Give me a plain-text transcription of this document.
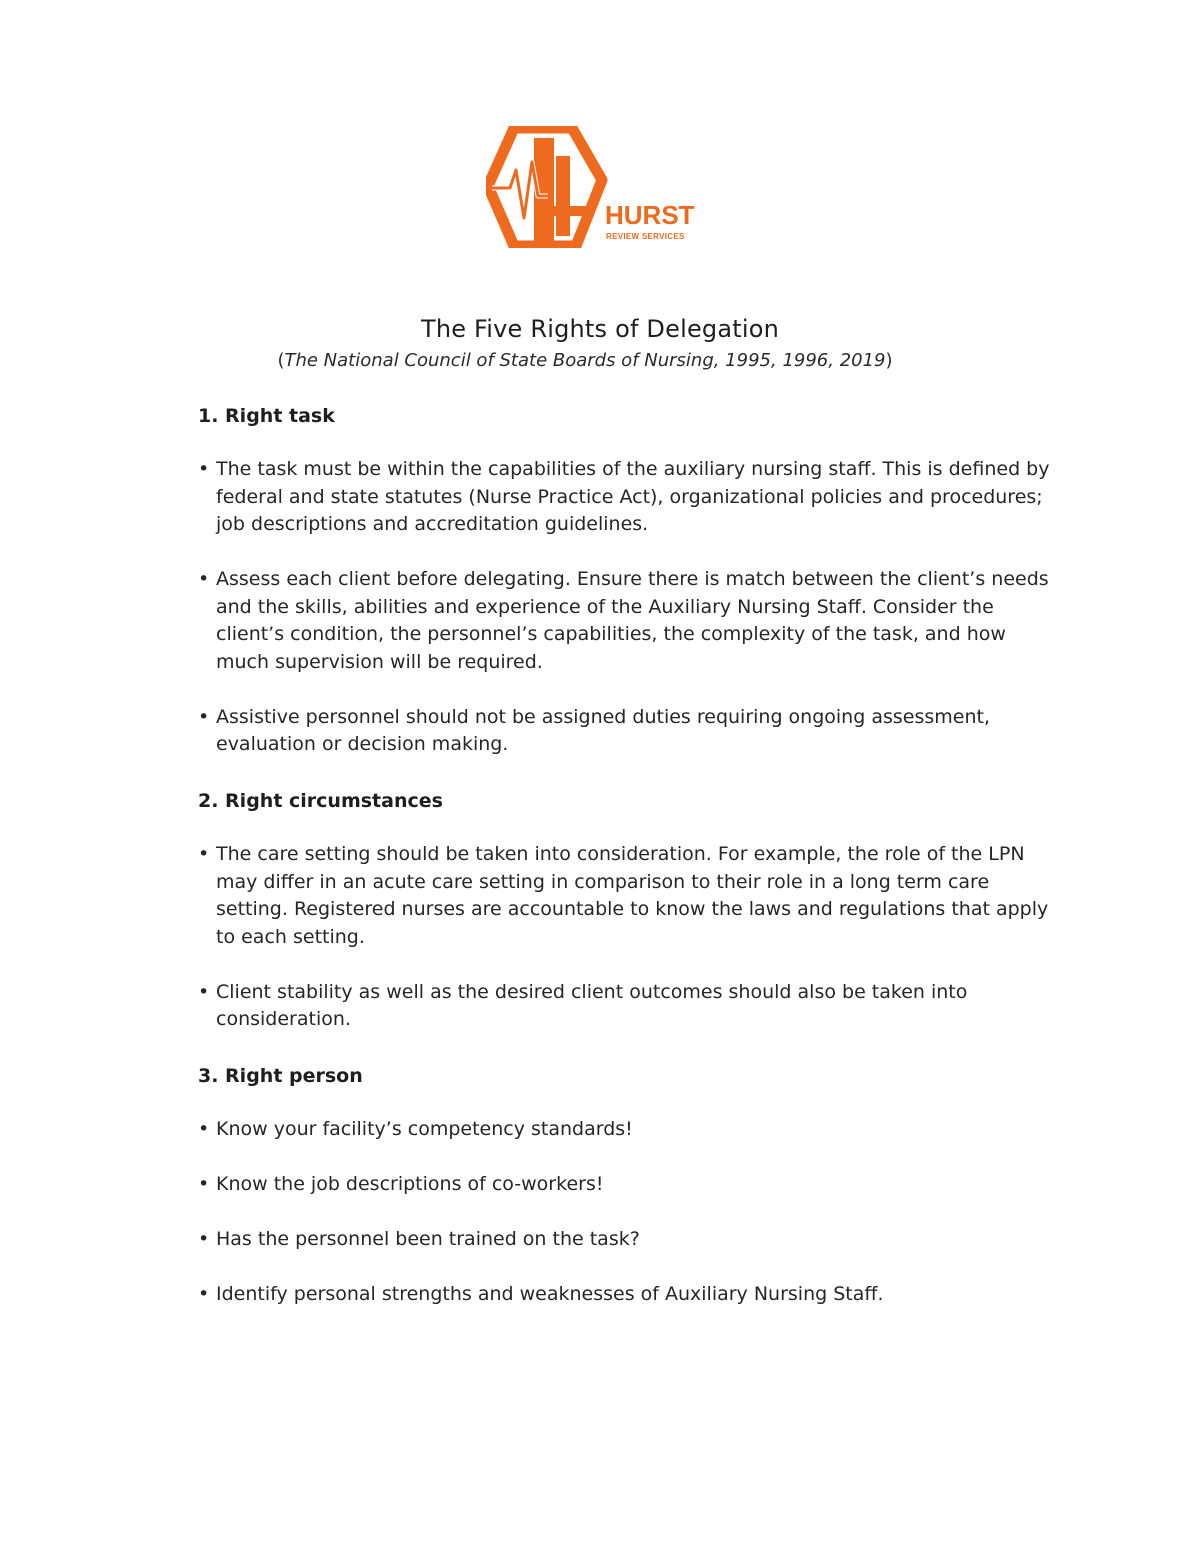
HURST
REVIEW SERVICES
The Five Rights of Delegation

(The National Council of State Boards of Nursing, 1995, 1996, 2019)

1. Right task
• The task must be within the capabilities of the auxiliary nursing staff. This is defined by federal and state statutes (Nurse Practice Act), organizational policies and procedures; job descriptions and accreditation guidelines.
• Assess each client before delegating. Ensure there is match between the client’s needs and the skills, abilities and experience of the Auxiliary Nursing Staff. Consider the client’s condition, the personnel’s capabilities, the complexity of the task, and how much supervision will be required.
• Assistive personnel should not be assigned duties requiring ongoing assessment, evaluation or decision making.
2. Right circumstances
• The care setting should be taken into consideration. For example, the role of the LPN may differ in an acute care setting in comparison to their role in a long term care setting. Registered nurses are accountable to know the laws and regulations that apply to each setting.
• Client stability as well as the desired client outcomes should also be taken into consideration.
3. Right person
• Know your facility’s competency standards!
• Know the job descriptions of co-workers!
• Has the personnel been trained on the task?
• Identify personal strengths and weaknesses of Auxiliary Nursing Staff.
